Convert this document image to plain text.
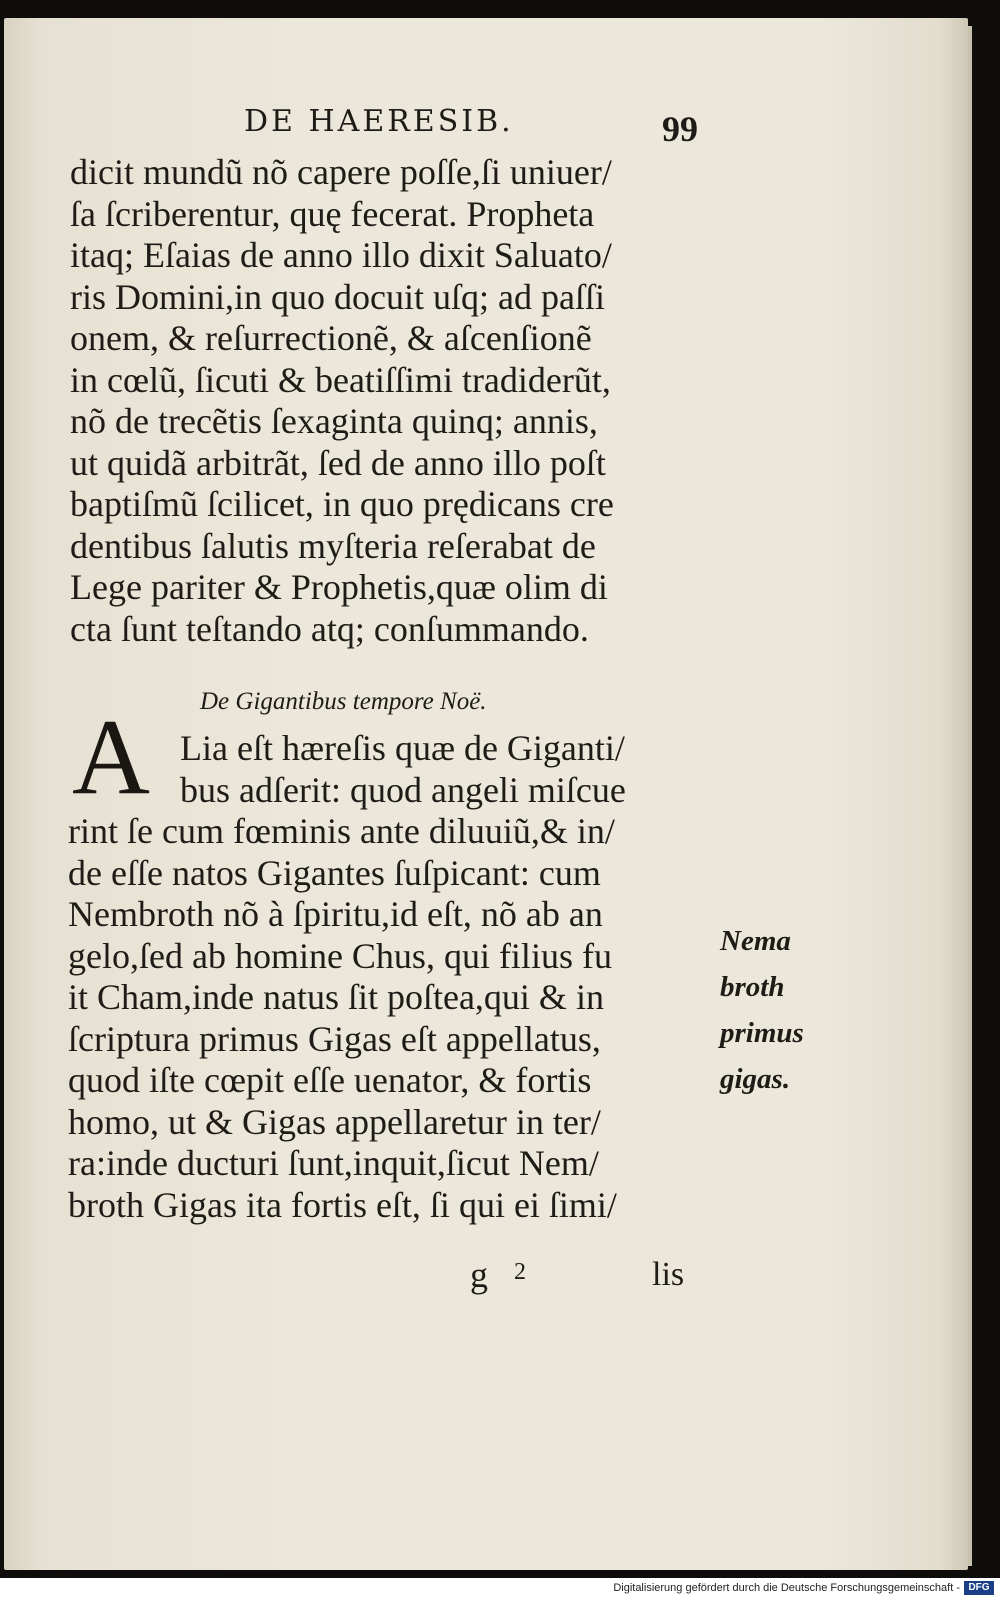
DE HAERESIB.	99
dicit mundũ nõ capere poſſe,ſi uniuer/
ſa ſcriberentur, quę fecerat. Propheta
itaq; Eſaias de anno illo dixit Saluato/
ris Domini,in quo docuit uſq; ad paſſi
onem, & reſurrectionẽ, & aſcenſionẽ
in cœlũ, ſicuti & beatiſſimi tradiderũt,
nõ de trecẽtis ſexaginta quinq; annis,
ut quidã arbitrãt, ſed de anno illo poſt
baptiſmũ ſcilicet, in quo prędicans cre
dentibus ſalutis myſteria reſerabat de
Lege pariter & Prophetis,quæ olim di
cta ſunt teſtando atq; conſummando.
De Gigantibus tempore Noë.
A Lia eſt hæreſis quæ de Giganti/
bus adſerit: quod angeli miſcue
rint ſe cum fœminis ante diluuiũ,& in/
de eſſe natos Gigantes ſuſpicant: cum
Nembroth nõ à ſpiritu,id eſt, nõ ab an
gelo,ſed ab homine Chus, qui filius fu
it Cham,inde natus ſit poſtea,qui & in
ſcriptura primus Gigas eſt appellatus,
quod iſte cœpit eſſe uenator, & fortis
homo, ut & Gigas appellaretur in ter/
ra:inde ducturi ſunt,inquit,ſicut Nem/
broth Gigas ita fortis eſt, ſi qui ei ſimi/
Nema
broth
primus
gigas.
g $^2$	lis
Digitalisierung gefördert durch die Deutsche Forschungsgemeinschaft - DFG
